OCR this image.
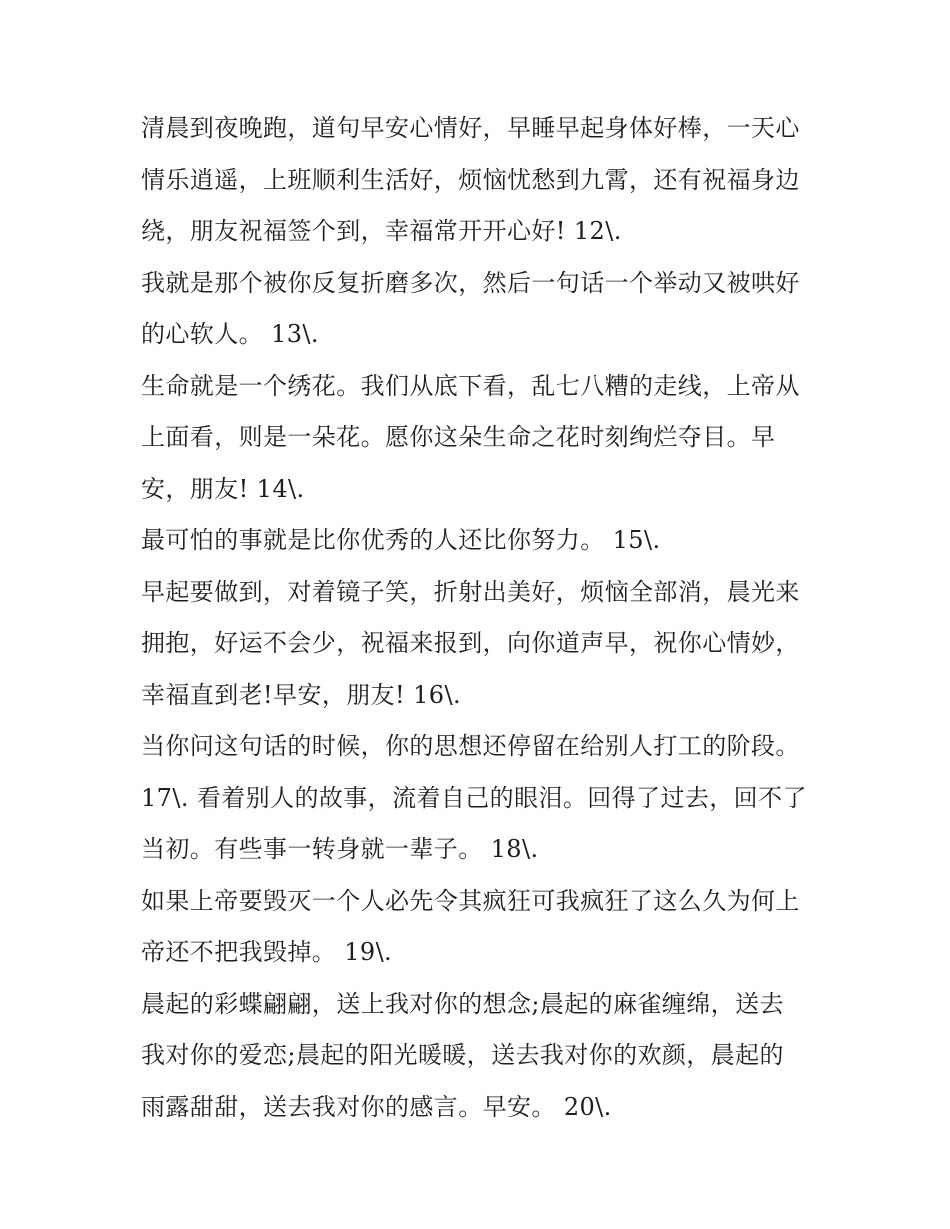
清晨到夜晚跑，道句早安心情好，早睡早起身体好棒，一天心
情乐逍遥，上班顺利生活好，烦恼忧愁到九霄，还有祝福身边
绕，朋友祝福签个到，幸福常开开心好! 12\.
我就是那个被你反复折磨多次，然后一句话一个举动又被哄好
的心软人。 13\.
生命就是一个绣花。我们从底下看，乱七八糟的走线，上帝从
上面看，则是一朵花。愿你这朵生命之花时刻绚烂夺目。早
安，朋友! 14\.
最可怕的事就是比你优秀的人还比你努力。 15\.
早起要做到，对着镜子笑，折射出美好，烦恼全部消，晨光来
拥抱，好运不会少，祝福来报到，向你道声早，祝你心情妙，
幸福直到老!早安，朋友! 16\.
当你问这句话的时候，你的思想还停留在给别人打工的阶段。
17\. 看着别人的故事，流着自己的眼泪。回得了过去，回不了
当初。有些事一转身就一辈子。 18\.
如果上帝要毁灭一个人必先令其疯狂可我疯狂了这么久为何上
帝还不把我毁掉。 19\.
晨起的彩蝶翩翩，送上我对你的想念;晨起的麻雀缠绵，送去
我对你的爱恋;晨起的阳光暖暖，送去我对你的欢颜，晨起的
雨露甜甜，送去我对你的感言。早安。 20\.
